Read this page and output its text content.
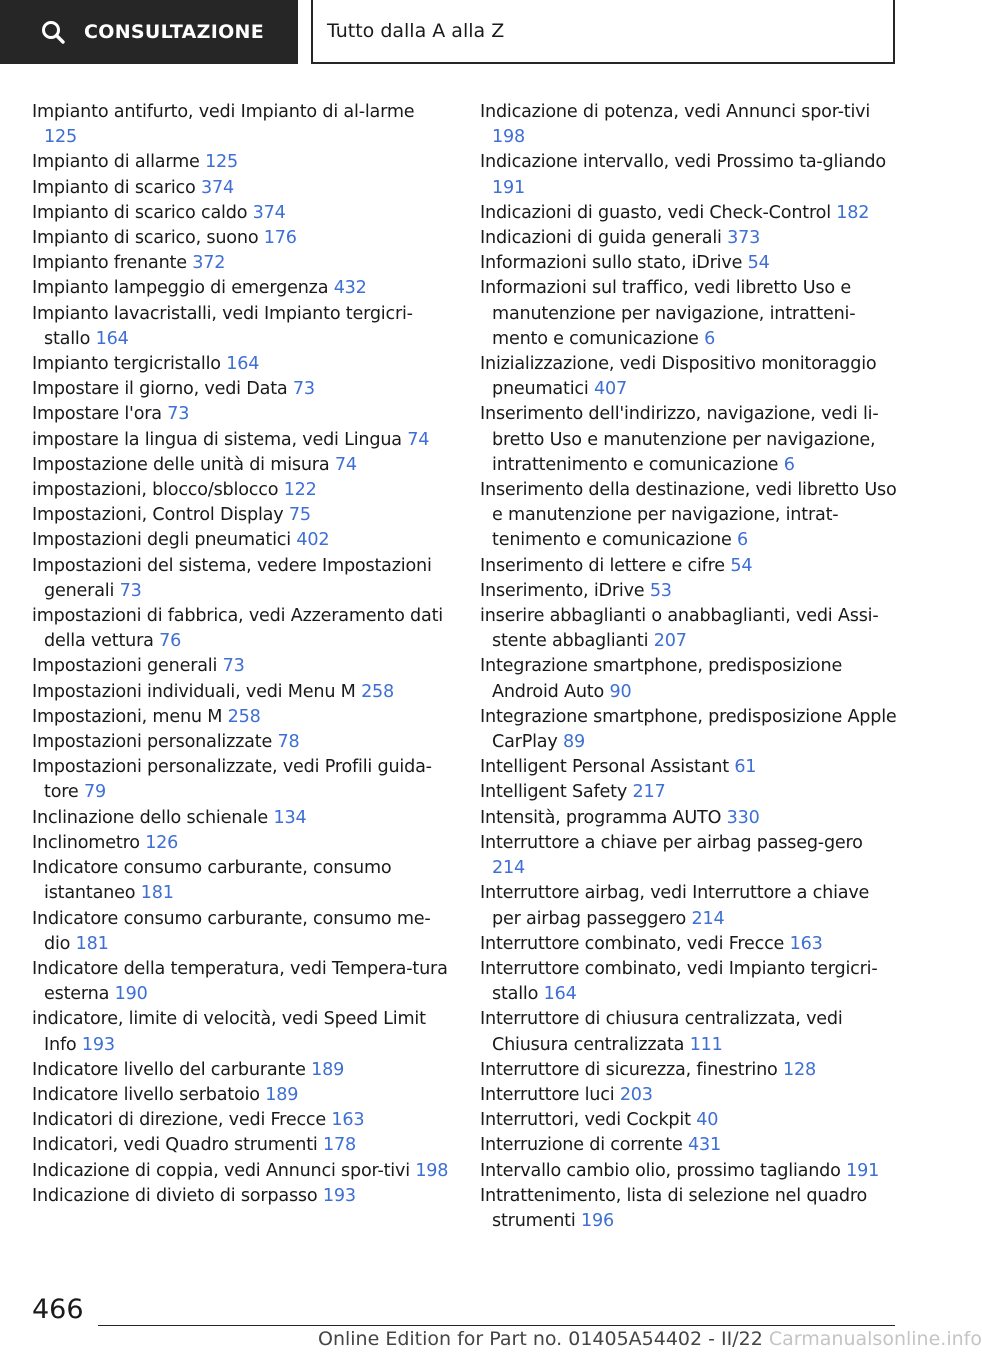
CONSULTAZIONE	Tutto dalla A alla Z

Impianto antifurto, vedi Impianto di al-larme 125

Impianto di allarme 125

Impianto di scarico 374

Impianto di scarico caldo 374

Impianto di scarico, suono 176

Impianto frenante 372

Impianto lampeggio di emergenza 432

Impianto lavacristalli, vedi Impianto tergicri-stallo 164

Impianto tergicristallo 164

Impostare il giorno, vedi Data 73

Impostare l'ora 73

impostare la lingua di sistema, vedi Lingua 74

Impostazione delle unità di misura 74

impostazioni, blocco/sblocco 122

Impostazioni, Control Display 75

Impostazioni degli pneumatici 402

Impostazioni del sistema, vedere Impostazioni generali 73

impostazioni di fabbrica, vedi Azzeramento dati della vettura 76

Impostazioni generali 73

Impostazioni individuali, vedi Menu M 258

Impostazioni, menu M 258

Impostazioni personalizzate 78

Impostazioni personalizzate, vedi Profili guida-tore 79

Inclinazione dello schienale 134

Inclinometro 126

Indicatore consumo carburante, consumo istantaneo 181

Indicatore consumo carburante, consumo me-dio 181

Indicatore della temperatura, vedi Tempera-tura esterna 190

indicatore, limite di velocità, vedi Speed Limit Info 193

Indicatore livello del carburante 189

Indicatore livello serbatoio 189

Indicatori di direzione, vedi Frecce 163

Indicatori, vedi Quadro strumenti 178

Indicazione di coppia, vedi Annunci spor-tivi 198

Indicazione di divieto di sorpasso 193

Indicazione di potenza, vedi Annunci spor-tivi 198

Indicazione intervallo, vedi Prossimo ta-gliando 191

Indicazioni di guasto, vedi Check-Control 182

Indicazioni di guida generali 373

Informazioni sullo stato, iDrive 54

Informazioni sul traffico, vedi libretto Uso e manutenzione per navigazione, intratteni-mento e comunicazione 6

Inizializzazione, vedi Dispositivo monitoraggio pneumatici 407

Inserimento dell'indirizzo, navigazione, vedi li-bretto Uso e manutenzione per navigazione, intrattenimento e comunicazione 6

Inserimento della destinazione, vedi libretto Uso e manutenzione per navigazione, intrat-tenimento e comunicazione 6

Inserimento di lettere e cifre 54

Inserimento, iDrive 53

inserire abbaglianti o anabbaglianti, vedi Assi-stente abbaglianti 207

Integrazione smartphone, predisposizione Android Auto 90

Integrazione smartphone, predisposizione Apple CarPlay 89

Intelligent Personal Assistant 61

Intelligent Safety 217

Intensità, programma AUTO 330

Interruttore a chiave per airbag passeg-gero 214

Interruttore airbag, vedi Interruttore a chiave per airbag passeggero 214

Interruttore combinato, vedi Frecce 163

Interruttore combinato, vedi Impianto tergicri-stallo 164

Interruttore di chiusura centralizzata, vedi Chiusura centralizzata 111

Interruttore di sicurezza, finestrino 128

Interruttore luci 203

Interruttori, vedi Cockpit 40

Interruzione di corrente 431

Intervallo cambio olio, prossimo tagliando 191

Intrattenimento, lista di selezione nel quadro strumenti 196

466
Online Edition for Part no. 01405A54402 - II/22 Carmanualsonline.info
